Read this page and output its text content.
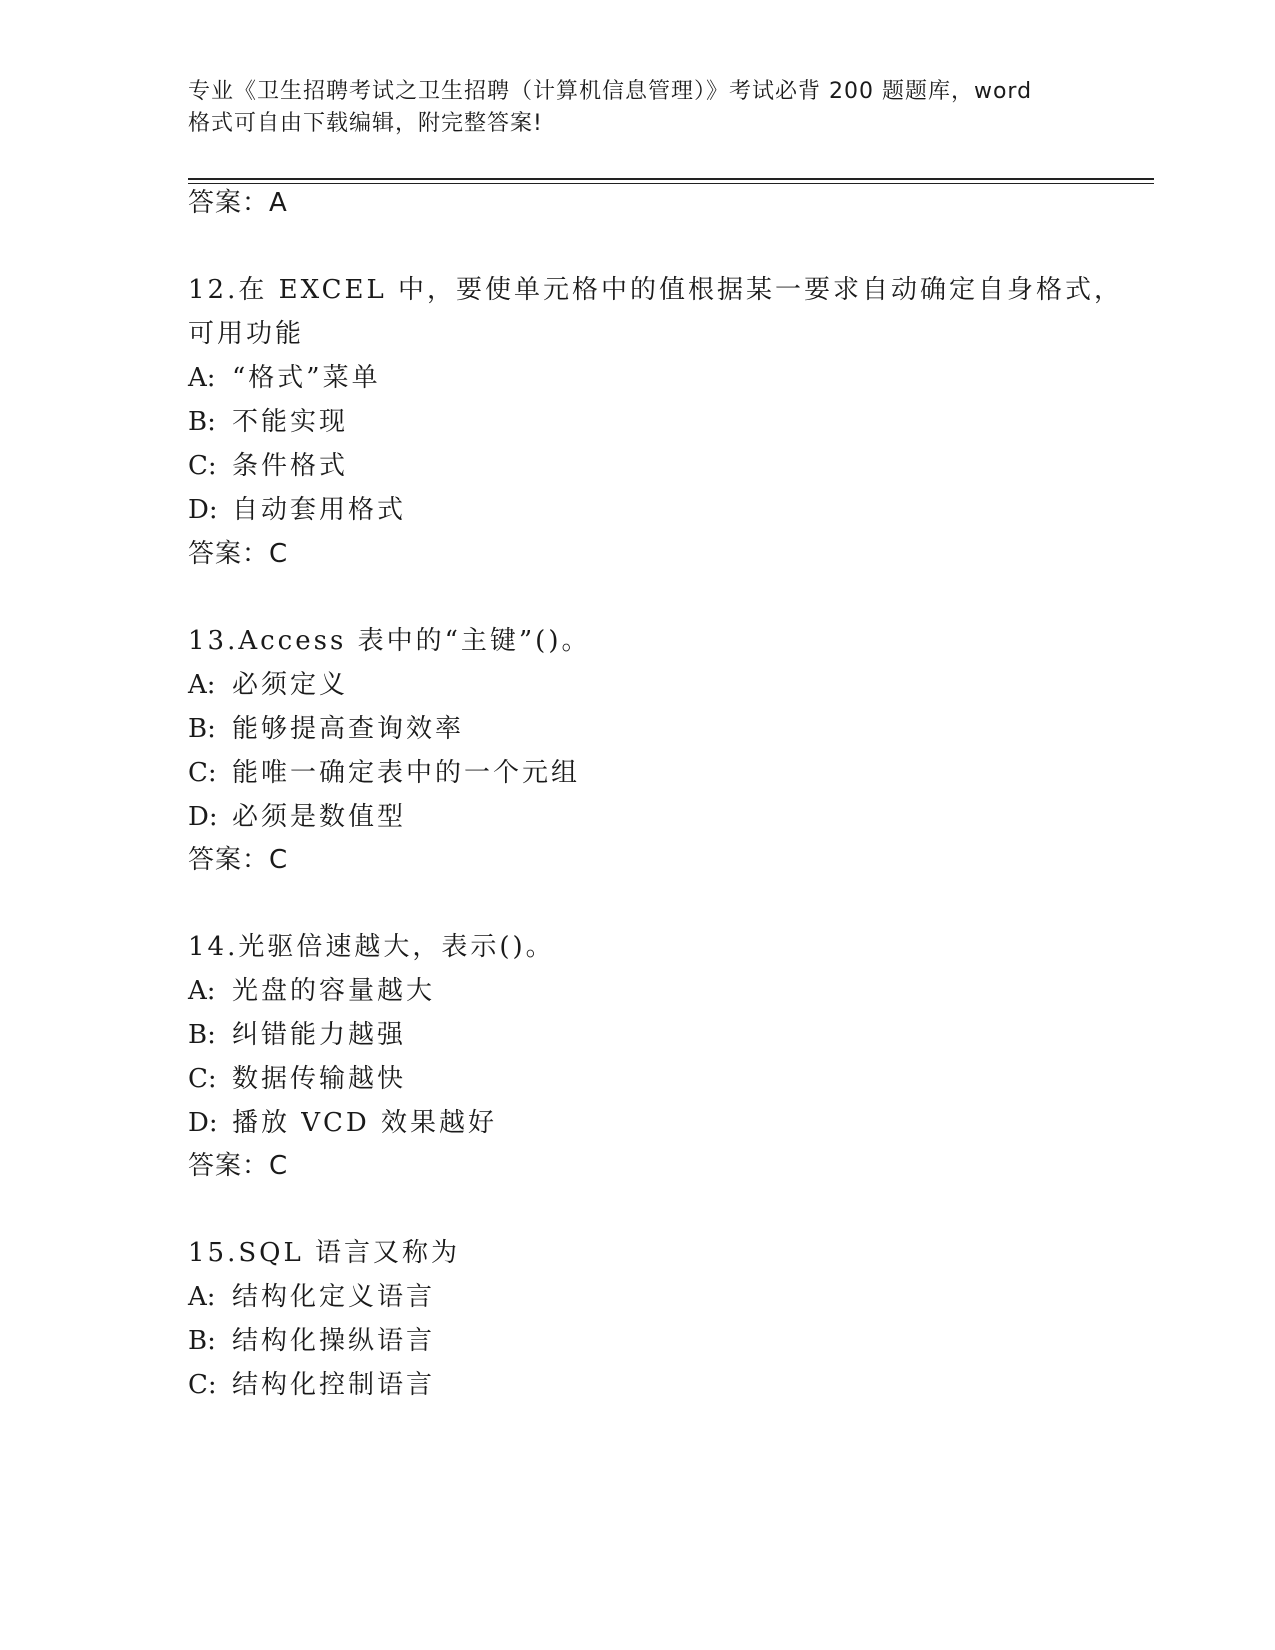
专业《卫生招聘考试之卫生招聘（计算机信息管理）》考试必背 200 题题库，word
格式可自由下载编辑，附完整答案!
答案：A
12.在 EXCEL 中，要使单元格中的值根据某一要求自动确定自身格式，
可用功能
A: “格式”菜单
B: 不能实现
C: 条件格式
D: 自动套用格式
答案：C
13.Access 表中的“主键”()。
A: 必须定义
B: 能够提高查询效率
C: 能唯一确定表中的一个元组
D: 必须是数值型
答案：C
14.光驱倍速越大，表示()。
A: 光盘的容量越大
B: 纠错能力越强
C: 数据传输越快
D: 播放 VCD 效果越好
答案：C
15.SQL 语言又称为
A: 结构化定义语言
B: 结构化操纵语言
C: 结构化控制语言
